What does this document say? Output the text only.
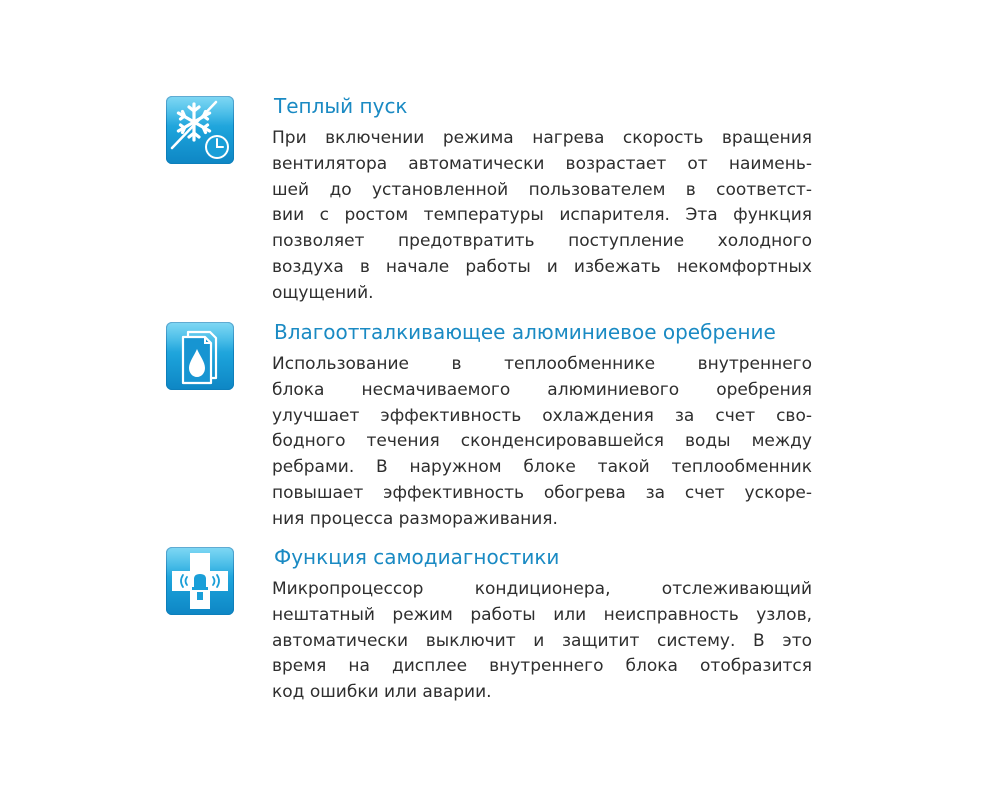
Теплый пуск

При включении режима нагрева скорость вращения
вентилятора автоматически возрастает от наимень-
шей до установленной пользователем в соответст-
вии с ростом температуры испарителя. Эта функция
позволяет предотвратить поступление холодного
воздуха в начале работы и избежать некомфортных
ощущений.

Влагоотталкивающее алюминиевое оребрение

Использование в теплообменнике внутреннего
блока несмачиваемого алюминиевого оребрения
улучшает эффективность охлаждения за счет сво-
бодного течения сконденсировавшейся воды между
ребрами. В наружном блоке такой теплообменник
повышает эффективность обогрева за счет ускоре-
ния процесса размораживания.

Функция самодиагностики

Микропроцессор кондиционера, отслеживающий
нештатный режим работы или неисправность узлов,
автоматически выключит и защитит систему. В это
время на дисплее внутреннего блока отобразится
код ошибки или аварии.
